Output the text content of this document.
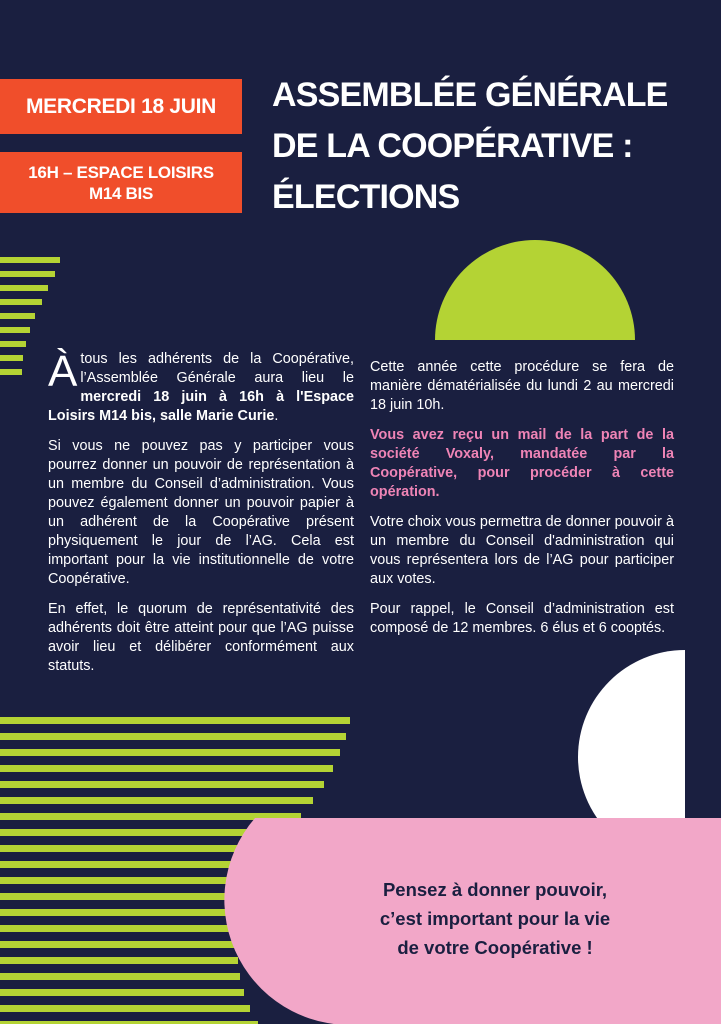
MERCREDI 18 JUIN
16H – ESPACE LOISIRS
M14 BIS
ASSEMBLÉE GÉNÉRALE
DE LA COOPÉRATIVE :
ÉLECTIONS

À tous les adhérents de la Coopérative, l’Assemblée Générale aura lieu le mercredi 18 juin à 16h à l'Espace Loisirs M14 bis, salle Marie Curie.

Si vous ne pouvez pas y participer vous pourrez donner un pouvoir de représentation à un membre du Conseil d’administration. Vous pouvez également donner un pouvoir papier à un adhérent de la Coopérative présent physiquement le jour de l’AG. Cela est important pour la vie institutionnelle de votre Coopérative.

En effet, le quorum de représentativité des adhérents doit être atteint pour que l’AG puisse avoir lieu et délibérer conformément aux statuts.

Cette année cette procédure se fera de manière dématérialisée du lundi 2 au mercredi 18 juin 10h.

Vous avez reçu un mail de la part de la société Voxaly, mandatée par la Coopérative, pour procéder à cette opération.

Votre choix vous permettra de donner pouvoir à un membre du Conseil d'administration qui vous représentera lors de l’AG pour participer aux votes.

Pour rappel, le Conseil d’administration est composé de 12 membres. 6 élus et 6 cooptés.

Pensez à donner pouvoir,
c’est important pour la vie
de votre Coopérative !
